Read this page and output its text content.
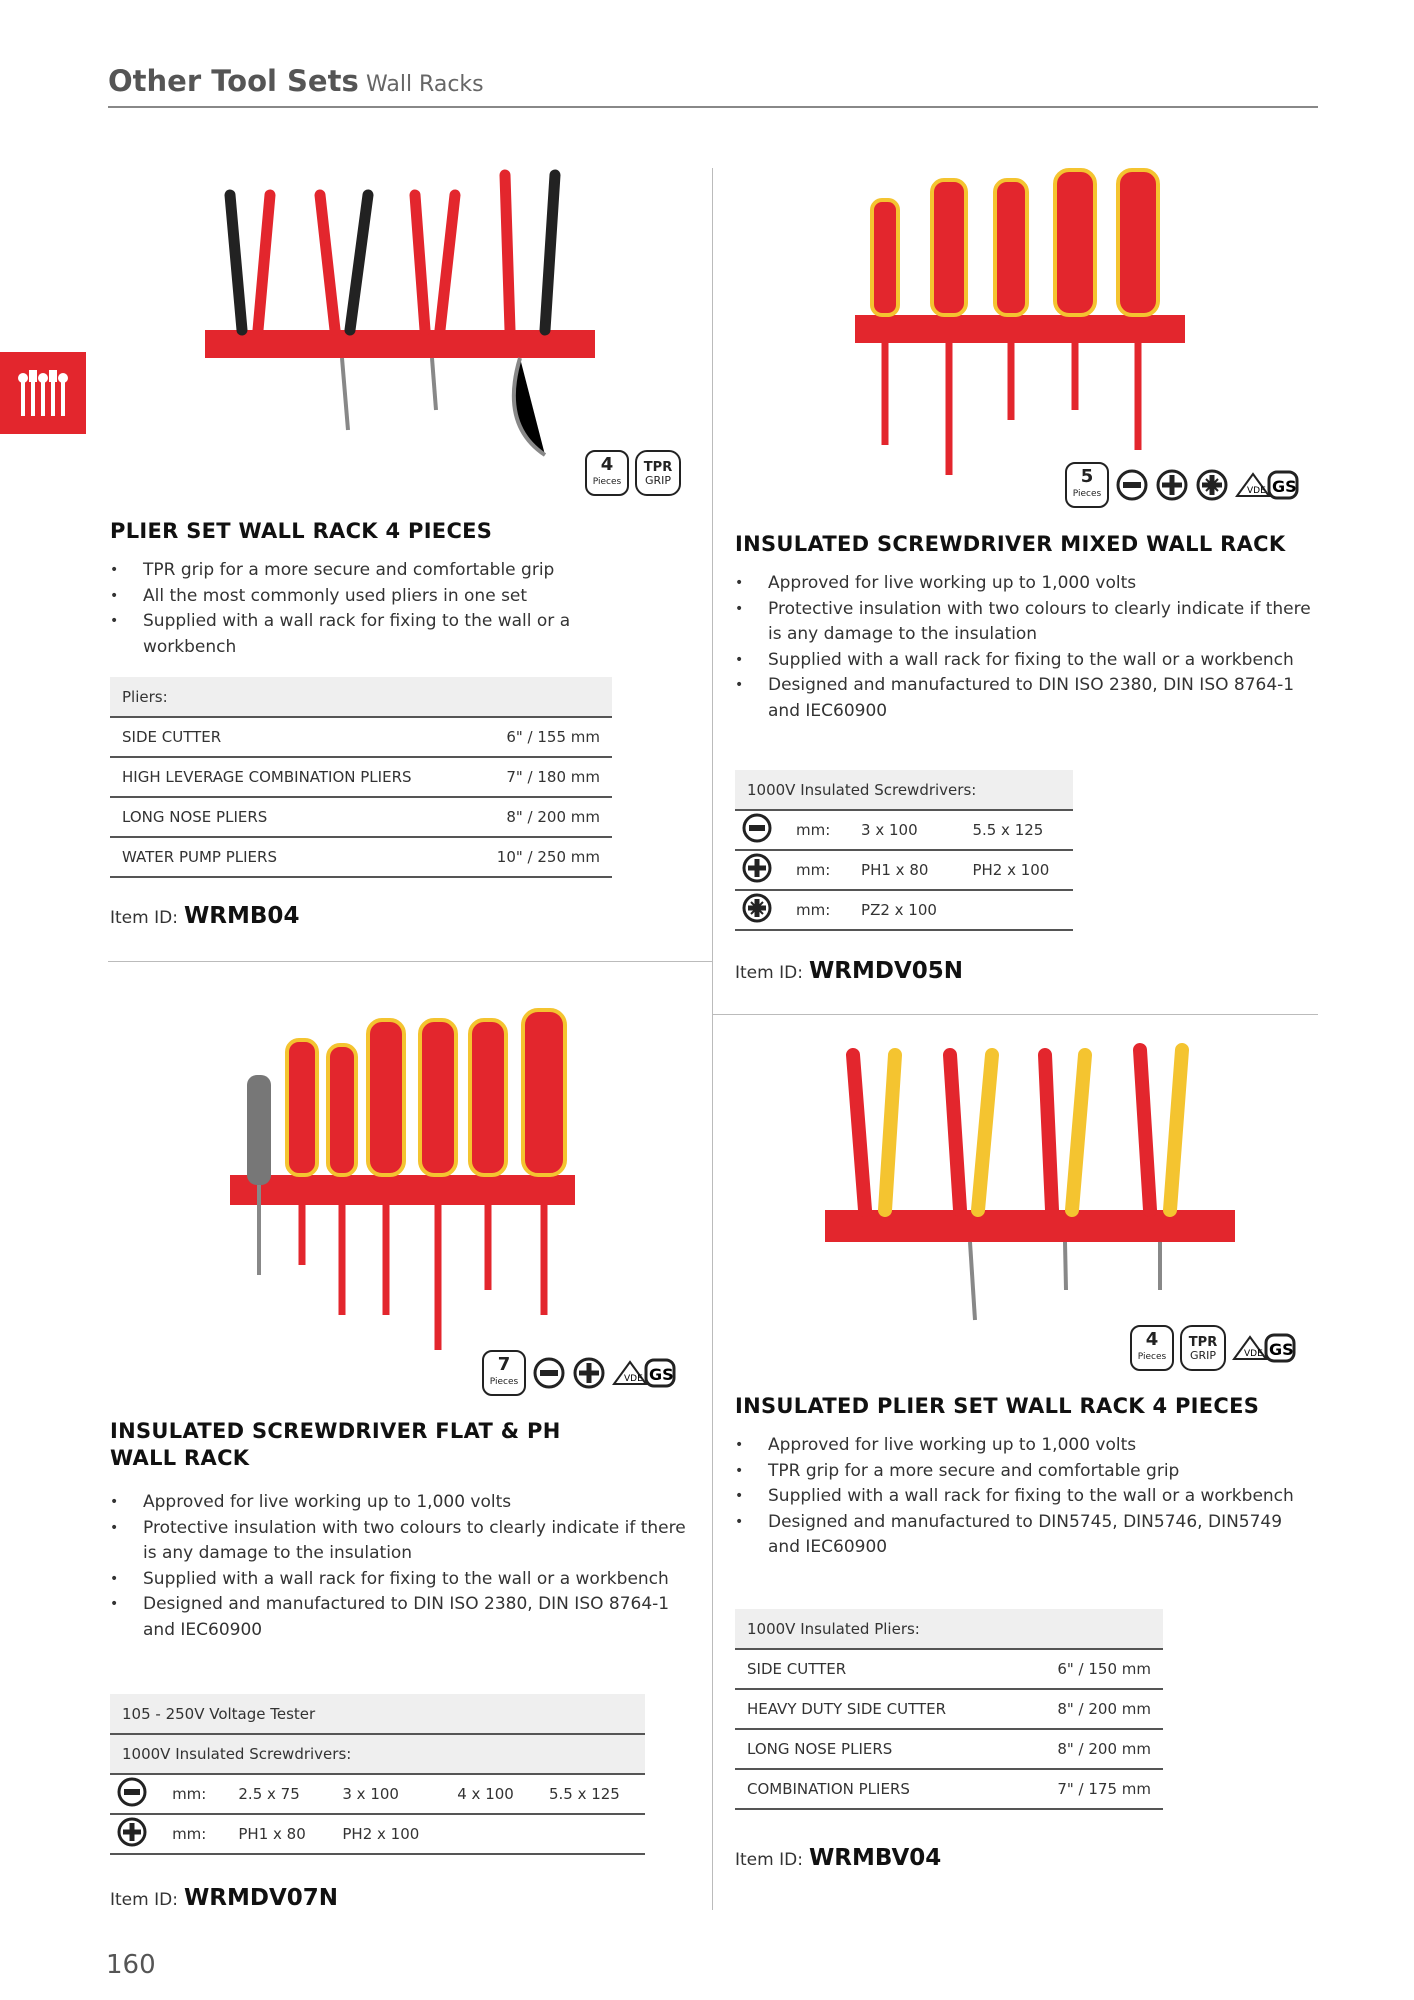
Other Tool Sets Wall Racks
4
Pieces
TPR
GRIP
PLIER SET WALL RACK 4 PIECES
• TPR grip for a more secure and comfortable grip
• All the most commonly used pliers in one set
• Supplied with a wall rack for fixing to the wall or a workbench
Pliers:	
SIDE CUTTER	6" / 155 mm
HIGH LEVERAGE COMBINATION PLIERS	7" / 180 mm
LONG NOSE PLIERS	8" / 200 mm
WATER PUMP PLIERS	10" / 250 mm
Item ID: WRMB04
5
Pieces	VDE GS
INSULATED SCREWDRIVER MIXED WALL RACK
• Approved for live working up to 1,000 volts
• Protective insulation with two colours to clearly indicate if there is any damage to the insulation
• Supplied with a wall rack for fixing to the wall or a workbench
• Designed and manufactured to DIN ISO 2380, DIN ISO 8764-1 and IEC60900
1000V Insulated Screwdrivers:			
	mm:	3 x 100	5.5 x 125
	mm:	PH1 x 80	PH2 x 100
	mm:	PZ2 x 100	
Item ID: WRMDV05N
7
Pieces	VDE GS
INSULATED SCREWDRIVER FLAT & PH WALL RACK
• Approved for live working up to 1,000 volts
• Protective insulation with two colours to clearly indicate if there is any damage to the insulation
• Supplied with a wall rack for fixing to the wall or a workbench
• Designed and manufactured to DIN ISO 2380, DIN ISO 8764-1 and IEC60900
105 - 250V Voltage Tester					
1000V Insulated Screwdrivers:					
	mm:	2.5 x 75	3 x 100	4 x 100	5.5 x 125
	mm:	PH1 x 80	PH2 x 100		
Item ID: WRMDV07N
4
Pieces
TPR
GRIP	VDE GS
INSULATED PLIER SET WALL RACK 4 PIECES
• Approved for live working up to 1,000 volts
• TPR grip for a more secure and comfortable grip
• Supplied with a wall rack for fixing to the wall or a workbench
• Designed and manufactured to DIN5745, DIN5746, DIN5749 and IEC60900
1000V Insulated Pliers:	
SIDE CUTTER	6" / 150 mm
HEAVY DUTY SIDE CUTTER	8" / 200 mm
LONG NOSE PLIERS	8" / 200 mm
COMBINATION PLIERS	7" / 175 mm
Item ID: WRMBV04
160
